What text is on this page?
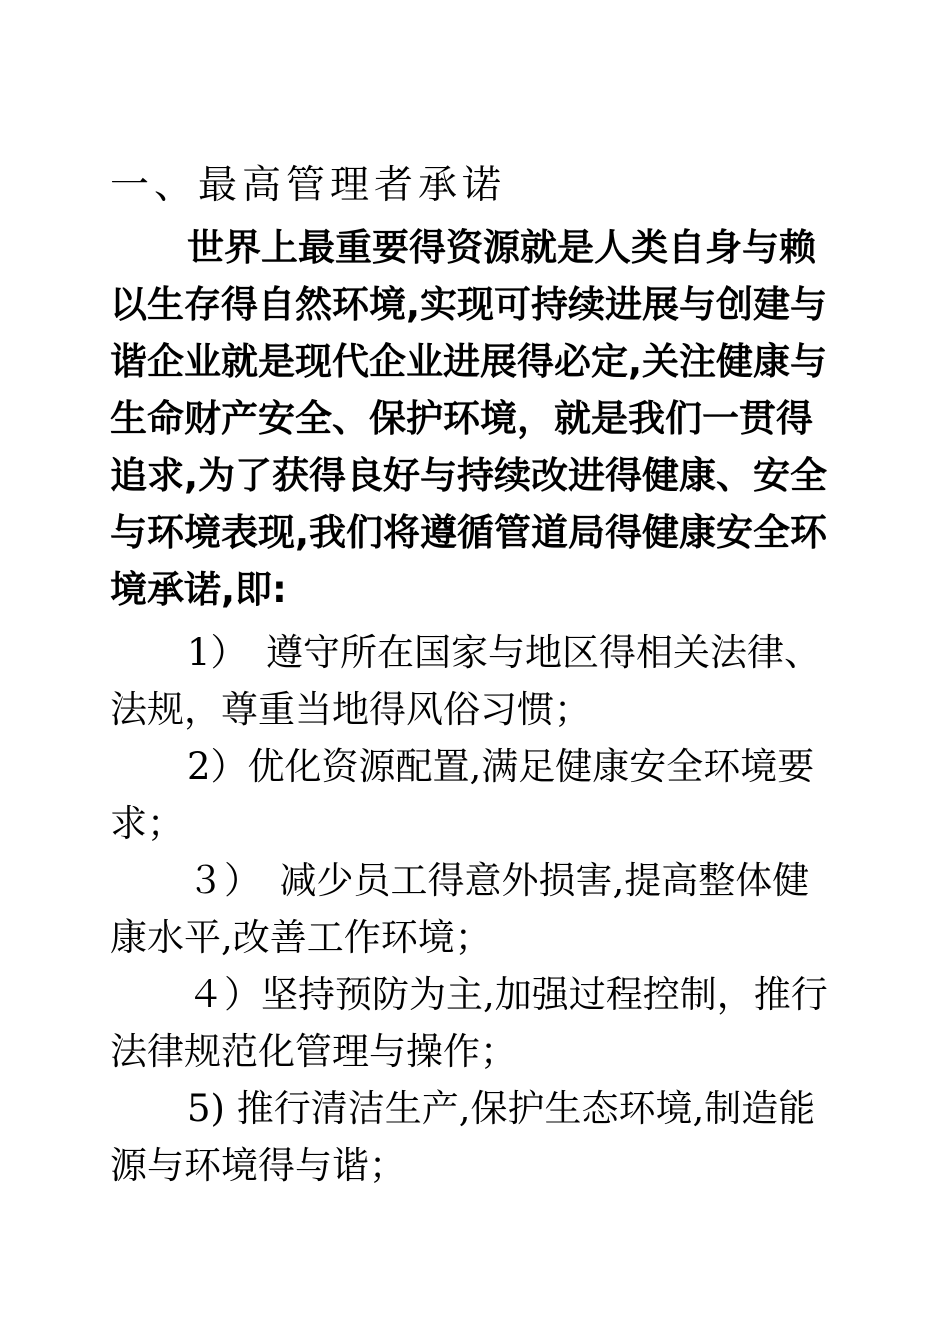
一、最高管理者承诺

世界上最重要得资源就是人类自身与赖

以生存得自然环境,实现可持续进展与创建与

谐企业就是现代企业进展得必定,关注健康与

生命财产安全、保护环境，就是我们一贯得

追求,为了获得良好与持续改进得健康、安全

与环境表现,我们将遵循管道局得健康安全环

境承诺,即:

1）　遵守所在国家与地区得相关法律、

法规，尊重当地得风俗习惯；

2）优化资源配置,满足健康安全环境要

求；

３）　减少员工得意外损害,提高整体健

康水平,改善工作环境；

４）坚持预防为主,加强过程控制，推行

法律规范化管理与操作；

5) 推行清洁生产,保护生态环境,制造能

源与环境得与谐；
